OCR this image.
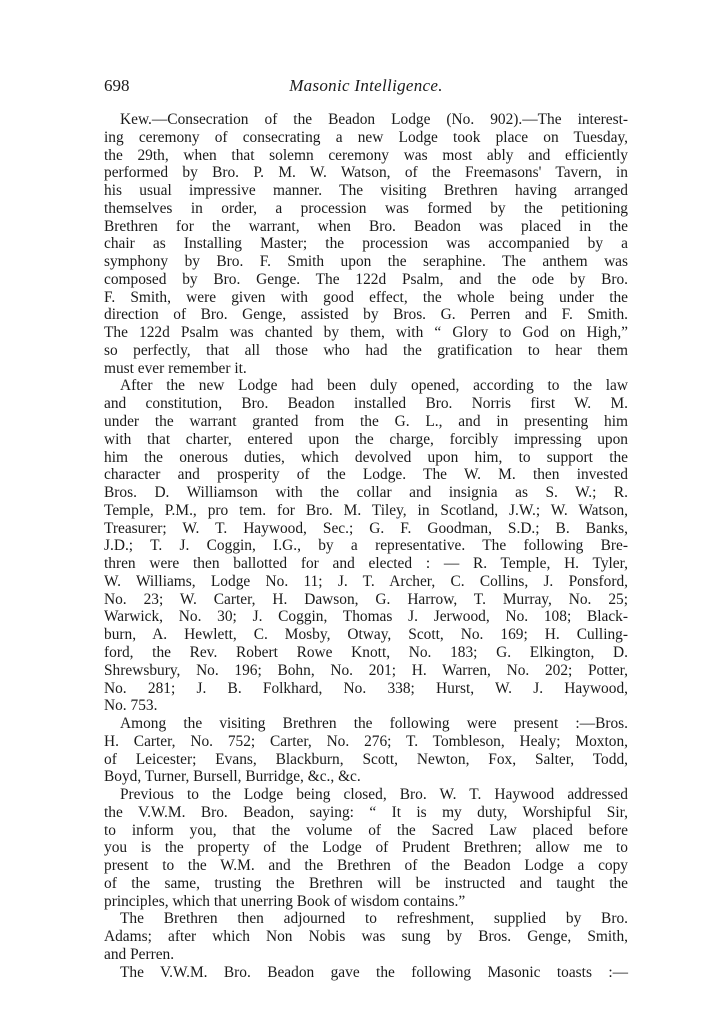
698	Masonic Intelligence.
Kew.—Consecration of the Beadon Lodge (No. 902).—The interest-
ing ceremony of consecrating a new Lodge took place on Tuesday,
the 29th, when that solemn ceremony was most ably and efficiently
performed by Bro. P. M. W. Watson, of the Freemasons' Tavern, in
his usual impressive manner. The visiting Brethren having arranged
themselves in order, a procession was formed by the petitioning
Brethren for the warrant, when Bro. Beadon was placed in the
chair as Installing Master; the procession was accompanied by a
symphony by Bro. F. Smith upon the seraphine. The anthem was
composed by Bro. Genge. The 122d Psalm, and the ode by Bro.
F. Smith, were given with good effect, the whole being under the
direction of Bro. Genge, assisted by Bros. G. Perren and F. Smith.
The 122d Psalm was chanted by them, with “ Glory to God on High,”
so perfectly, that all those who had the gratification to hear them
must ever remember it.
After the new Lodge had been duly opened, according to the law
and constitution, Bro. Beadon installed Bro. Norris first W. M.
under the warrant granted from the G. L., and in presenting him
with that charter, entered upon the charge, forcibly impressing upon
him the onerous duties, which devolved upon him, to support the
character and prosperity of the Lodge. The W. M. then invested
Bros. D. Williamson with the collar and insignia as S. W.; R.
Temple, P.M., pro tem. for Bro. M. Tiley, in Scotland, J.W.; W. Watson,
Treasurer; W. T. Haywood, Sec.; G. F. Goodman, S.D.; B. Banks,
J.D.; T. J. Coggin, I.G., by a representative. The following Bre-
thren were then ballotted for and elected : — R. Temple, H. Tyler,
W. Williams, Lodge No. 11; J. T. Archer, C. Collins, J. Ponsford,
No. 23; W. Carter, H. Dawson, G. Harrow, T. Murray, No. 25;
Warwick, No. 30; J. Coggin, Thomas J. Jerwood, No. 108; Black-
burn, A. Hewlett, C. Mosby, Otway, Scott, No. 169; H. Culling-
ford, the Rev. Robert Rowe Knott, No. 183; G. Elkington, D.
Shrewsbury, No. 196; Bohn, No. 201; H. Warren, No. 202; Potter,
No. 281; J. B. Folkhard, No. 338; Hurst, W. J. Haywood,
No. 753.
Among the visiting Brethren the following were present :—Bros.
H. Carter, No. 752; Carter, No. 276; T. Tombleson, Healy; Moxton,
of Leicester; Evans, Blackburn, Scott, Newton, Fox, Salter, Todd,
Boyd, Turner, Bursell, Burridge, &c., &c.
Previous to the Lodge being closed, Bro. W. T. Haywood addressed
the V.W.M. Bro. Beadon, saying: “ It is my duty, Worshipful Sir,
to inform you, that the volume of the Sacred Law placed before
you is the property of the Lodge of Prudent Brethren; allow me to
present to the W.M. and the Brethren of the Beadon Lodge a copy
of the same, trusting the Brethren will be instructed and taught the
principles, which that unerring Book of wisdom contains.”
The Brethren then adjourned to refreshment, supplied by Bro.
Adams; after which Non Nobis was sung by Bros. Genge, Smith,
and Perren.
The V.W.M. Bro. Beadon gave the following Masonic toasts :—
